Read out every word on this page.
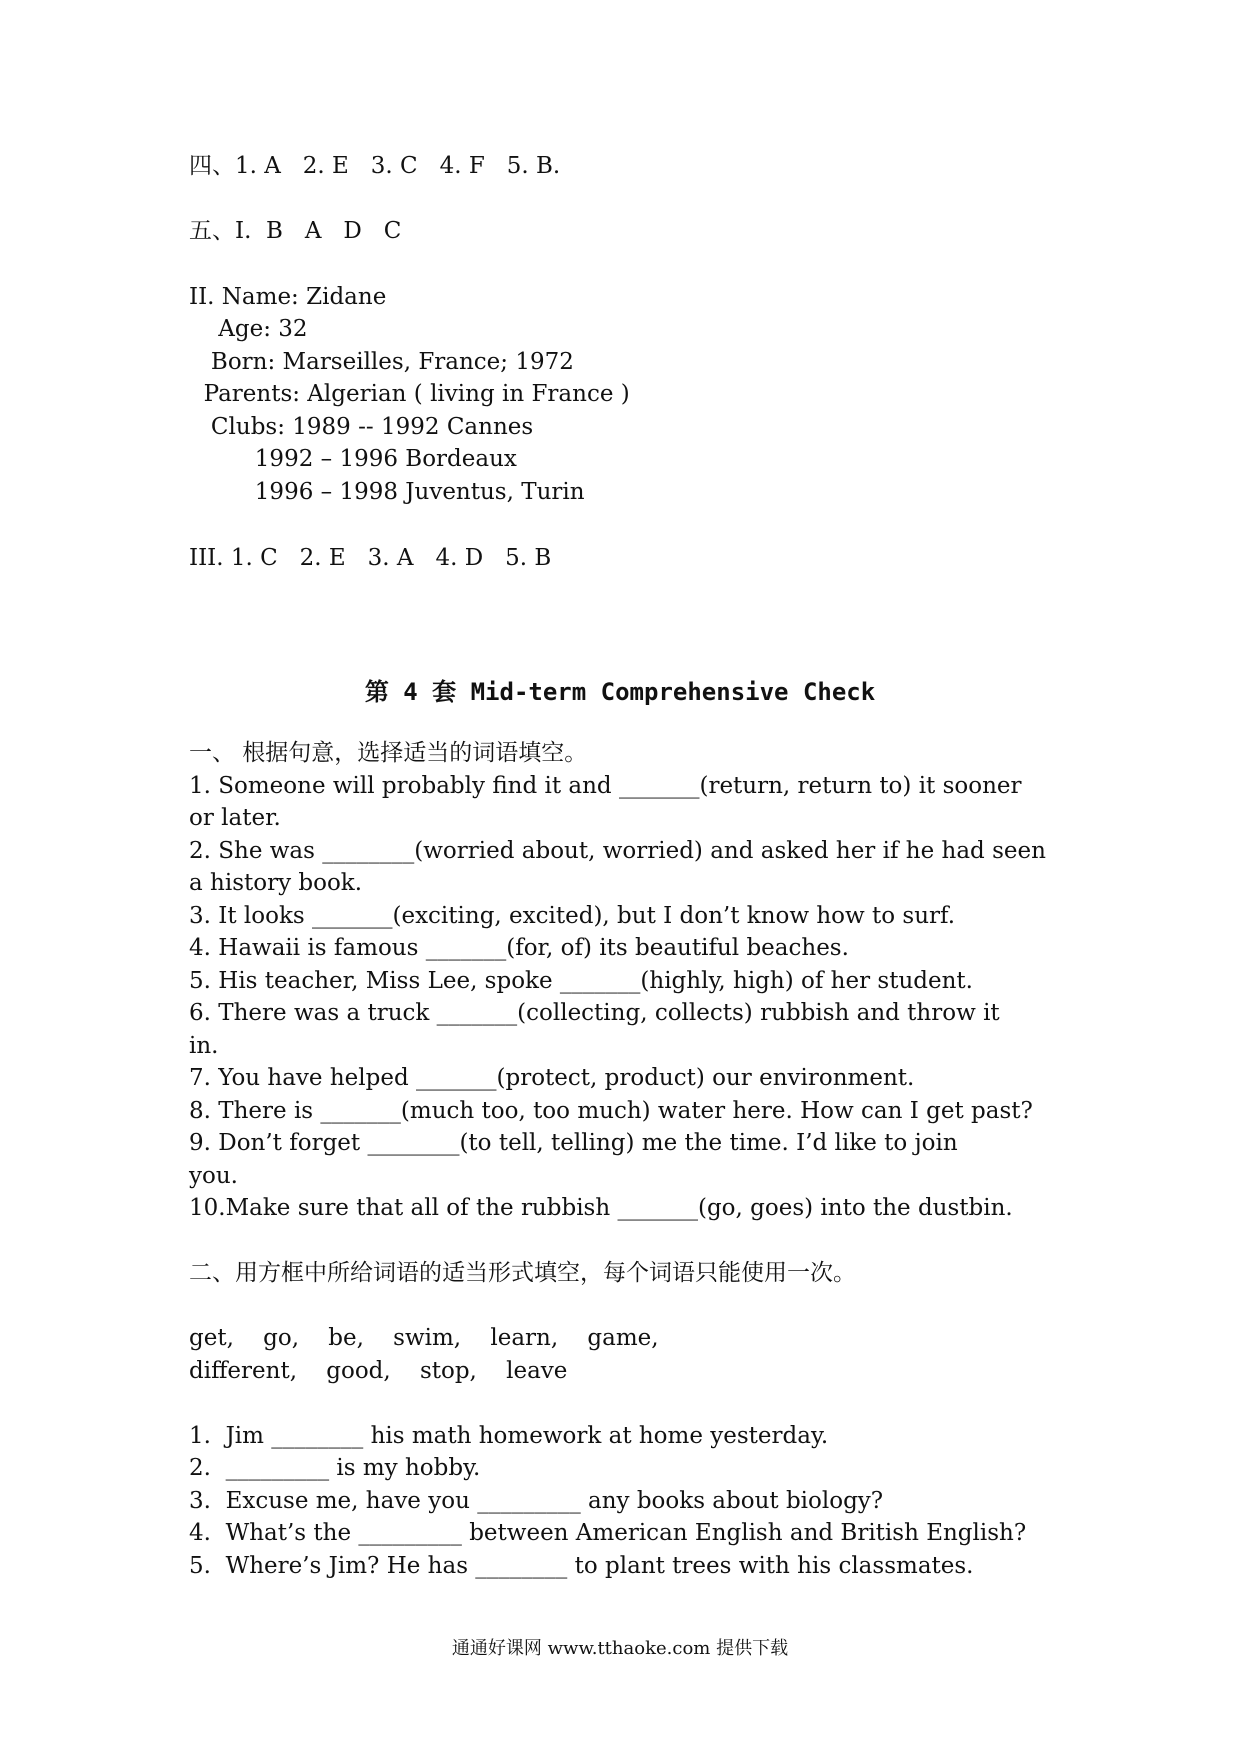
四、1. A   2. E   3. C   4. F   5. B.
五、I.  B   A   D   C
II. Name: Zidane
Age: 32
Born: Marseilles, France; 1972
Parents: Algerian ( living in France )
Clubs: 1989 -- 1992 Cannes
1992 – 1996 Bordeaux
1996 – 1998 Juventus, Turin
III. 1. C   2. E   3. A   4. D   5. B
第 4 套 Mid-term Comprehensive Check
一、 根据句意，选择适当的词语填空。
1. Someone will probably find it and _______(return, return to) it sooner
or later.
2. She was ________(worried about, worried) and asked her if he had seen
a history book.
3. It looks _______(exciting, excited), but I don’t know how to surf.
4. Hawaii is famous _______(for, of) its beautiful beaches.
5. His teacher, Miss Lee, spoke _______(highly, high) of her student.
6. There was a truck _______(collecting, collects) rubbish and throw it
in.
7. You have helped _______(protect, product) our environment.
8. There is _______(much too, too much) water here. How can I get past?
9. Don’t forget ________(to tell, telling) me the time. I’d like to join
you.
10.Make sure that all of the rubbish _______(go, goes) into the dustbin.
二、用方框中所给词语的适当形式填空，每个词语只能使用一次。
get,    go,    be,    swim,    learn,    game,
different,    good,    stop,    leave
1.  Jim ________ his math homework at home yesterday.
2.  _________ is my hobby.
3.  Excuse me, have you _________ any books about biology?
4.  What’s the _________ between American English and British English?
5.  Where’s Jim? He has ________ to plant trees with his classmates.
通通好课网 www.tthaoke.com 提供下载
